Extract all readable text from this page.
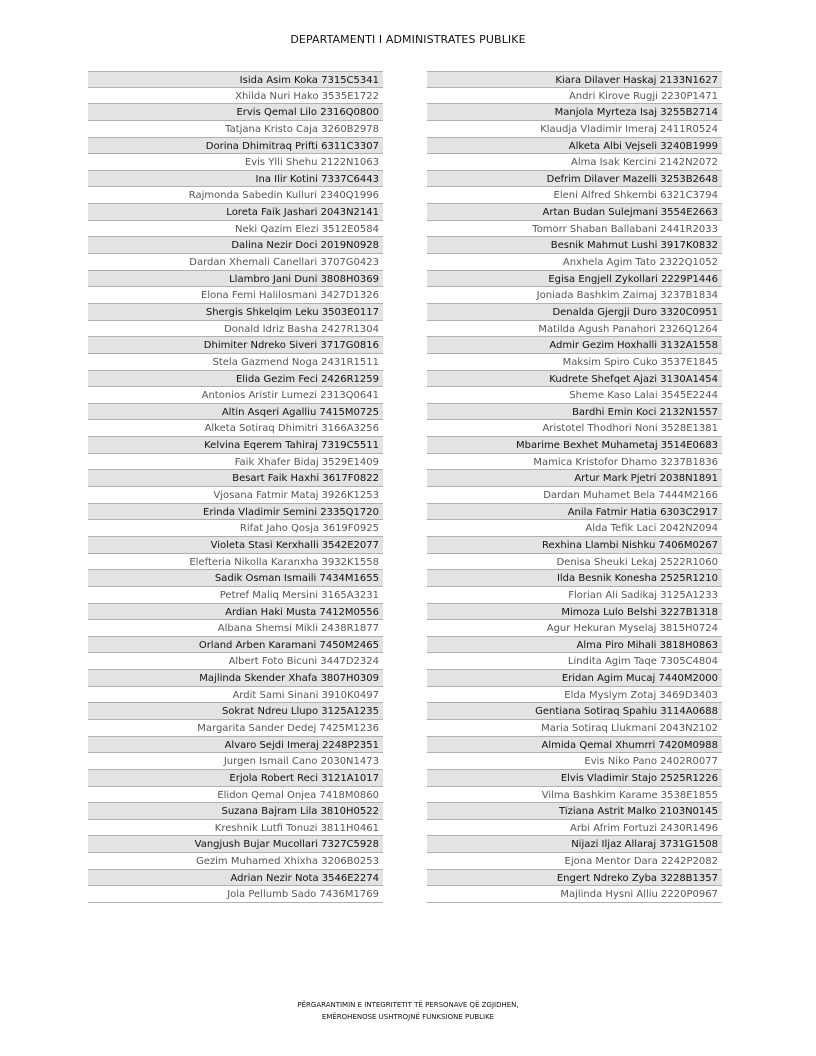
DEPARTAMENTI I ADMINISTRATES PUBLIKE
Isida Asim Koka 7315C5341
Xhilda Nuri Hako 3535E1722
Ervis Qemal Lilo 2316Q0800
Tatjana Kristo Caja 3260B2978
Dorina Dhimitraq Prifti 6311C3307
Evis Ylli Shehu 2122N1063
Ina Ilir Kotini 7337C6443
Rajmonda Sabedin Kulluri 2340Q1996
Loreta Faik Jashari 2043N2141
Neki Qazim Elezi 3512E0584
Dalina Nezir Doci 2019N0928
Dardan Xhemali Canellari 3707G0423
Llambro Jani Duni 3808H0369
Elona Femi Halilosmani 3427D1326
Shergis Shkelqim Leku 3503E0117
Donald Idriz Basha 2427R1304
Dhimiter Ndreko Siveri 3717G0816
Stela Gazmend Noga 2431R1511
Elida Gezim Feci 2426R1259
Antonios Aristir Lumezi 2313Q0641
Altin Asqeri Agalliu 7415M0725
Alketa Sotiraq Dhimitri 3166A3256
Kelvina Eqerem Tahiraj 7319C5511
Faik Xhafer Bidaj 3529E1409
Besart Faik Haxhi 3617F0822
Vjosana Fatmir Mataj 3926K1253
Erinda Vladimir Semini 2335Q1720
Rifat Jaho Qosja 3619F0925
Violeta Stasi Kerxhalli 3542E2077
Elefteria Nikolla Karanxha 3932K1558
Sadik Osman Ismaili 7434M1655
Petref Maliq Mersini 3165A3231
Ardian Haki Musta 7412M0556
Albana Shemsi Mikli 2438R1877
Orland Arben Karamani 7450M2465
Albert Foto Bicuni 3447D2324
Majlinda Skender Xhafa 3807H0309
Ardit Sami Sinani 3910K0497
Sokrat Ndreu Llupo 3125A1235
Margarita Sander Dedej 7425M1236
Alvaro Sejdi Imeraj 2248P2351
Jurgen Ismail Cano 2030N1473
Erjola Robert Reci 3121A1017
Elidon Qemal Onjea 7418M0860
Suzana Bajram Lila 3810H0522
Kreshnik Lutfi Tonuzi 3811H0461
Vangjush Bujar Mucollari 7327C5928
Gezim Muhamed Xhixha 3206B0253
Adrian Nezir Nota 3546E2274
Jola Pellumb Sado 7436M1769
Kiara Dilaver Haskaj 2133N1627
Andri Kirove Rugji 2230P1471
Manjola Myrteza Isaj 3255B2714
Klaudja Vladimir Imeraj 2411R0524
Alketa Albi Vejseli 3240B1999
Alma Isak Kercini 2142N2072
Defrim Dilaver Mazelli 3253B2648
Eleni Alfred Shkembi 6321C3794
Artan Budan Sulejmani 3554E2663
Tomorr Shaban Ballabani 2441R2033
Besnik Mahmut Lushi 3917K0832
Anxhela Agim Tato 2322Q1052
Egisa Engjell Zykollari 2229P1446
Joniada Bashkim Zaimaj 3237B1834
Denalda Gjergji Duro 3320C0951
Matilda Agush Panahori 2326Q1264
Admir Gezim Hoxhalli 3132A1558
Maksim Spiro Cuko 3537E1845
Kudrete Shefqet Ajazi 3130A1454
Sheme Kaso Lalai 3545E2244
Bardhi Emin Koci 2132N1557
Aristotel Thodhori Noni 3528E1381
Mbarime Bexhet Muhametaj 3514E0683
Mamica Kristofor Dhamo 3237B1836
Artur Mark Pjetri 2038N1891
Dardan Muhamet Bela 7444M2166
Anila Fatmir Hatia 6303C2917
Alda Tefik Laci 2042N2094
Rexhina Llambi Nishku 7406M0267
Denisa Sheuki Lekaj 2522R1060
Ilda Besnik Konesha 2525R1210
Florian Ali Sadikaj 3125A1233
Mimoza Lulo Belshi 3227B1318
Agur Hekuran Myselaj 3815H0724
Alma Piro Mihali 3818H0863
Lindita Agim Taqe 7305C4804
Eridan Agim Mucaj 7440M2000
Elda Myslym Zotaj 3469D3403
Gentiana Sotiraq Spahiu 3114A0688
Maria Sotiraq Llukmani 2043N2102
Almida Qemal Xhumrri 7420M0988
Evis Niko Pano 2402R0077
Elvis Vladimir Stajo 2525R1226
Vilma Bashkim Karame 3538E1855
Tiziana Astrit Malko 2103N0145
Arbi Afrim Fortuzi 2430R1496
Nijazi Iljaz Allaraj 3731G1508
Ejona Mentor Dara 2242P2082
Engert Ndreko Zyba 3228B1357
Majlinda Hysni Alliu 2220P0967
PËRGARANTIMIN E INTEGRITETIT TË PERSONAVE QË ZGJIDHEN,
EMËROHENOSE USHTROJNË FUNKSIONE PUBLIKE
